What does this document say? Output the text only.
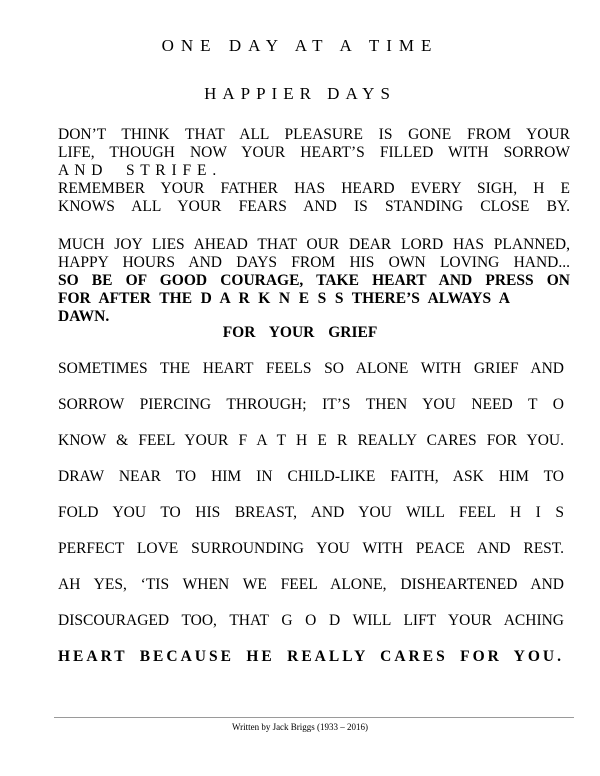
ONE DAY AT A TIME
HAPPIER DAYS
DON’T THINK THAT ALL PLEASURE IS GONE FROM YOUR
LIFE, THOUGH NOW YOUR HEART’S FILLED WITH SORROW
A N D    S T R I F E .
REMEMBER YOUR FATHER HAS HEARD EVERY SIGH, H E
KNOWS ALL YOUR FEARS AND IS STANDING CLOSE BY.
MUCH JOY LIES AHEAD THAT OUR DEAR LORD HAS PLANNED,
HAPPY HOURS AND DAYS FROM HIS OWN LOVING HAND...
SO BE OF GOOD COURAGE, TAKE HEART AND PRESS ON
FOR AFTER THE D A R K N E S S THERE’S ALWAYS A
DAWN.
FOR YOUR GRIEF
SOMETIMES THE HEART FEELS SO ALONE WITH GRIEF AND
SORROW PIERCING THROUGH; IT’S THEN YOU NEED T O
KNOW & FEEL YOUR F A T H E R REALLY CARES FOR YOU.
DRAW NEAR TO HIM IN CHILD-LIKE FAITH, ASK HIM TO
FOLD YOU TO HIS BREAST, AND YOU WILL FEEL H I S
PERFECT LOVE SURROUNDING YOU WITH PEACE AND REST.
AH YES, ‘TIS WHEN WE FEEL ALONE, DISHEARTENED AND
DISCOURAGED TOO, THAT G O D WILL LIFT YOUR ACHING
HEART BECAUSE HE REALLY CARES FOR YOU.
Written by Jack Briggs (1933 – 2016)
